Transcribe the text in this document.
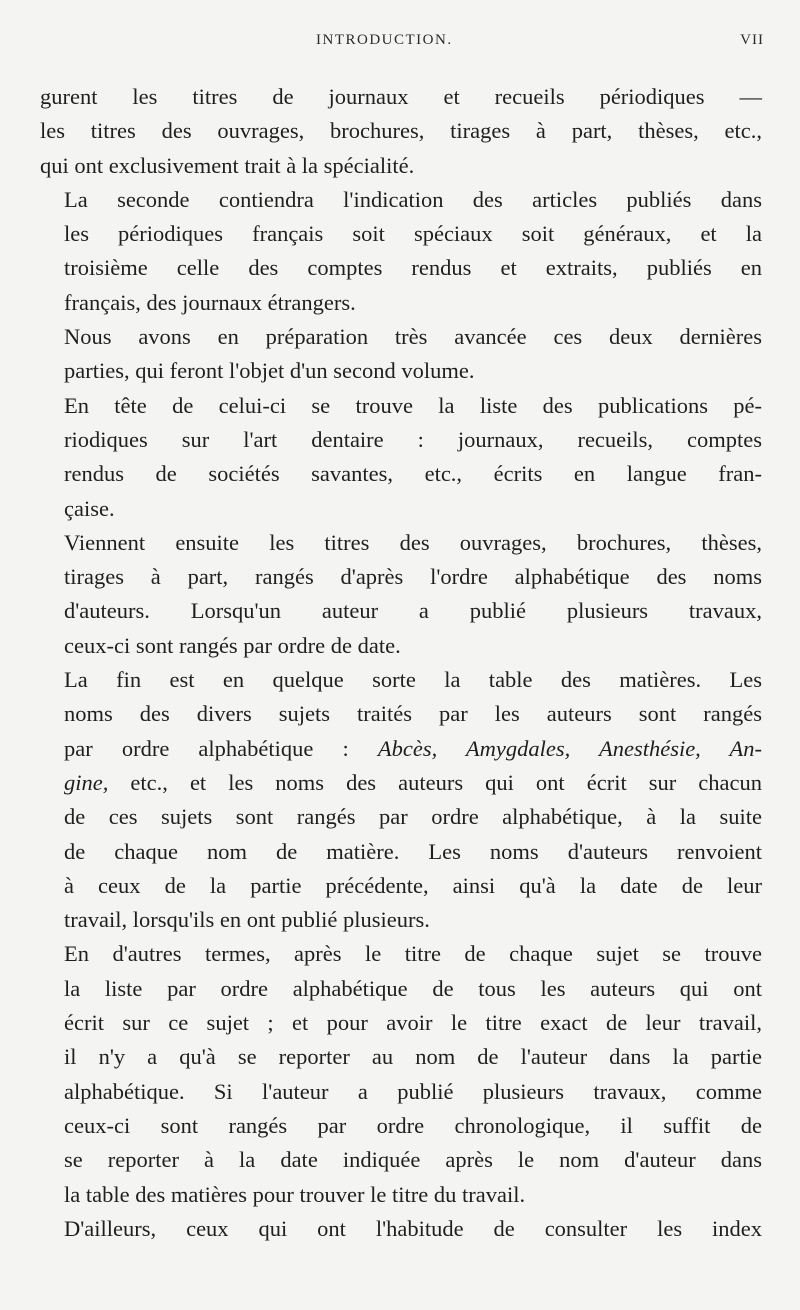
INTRODUCTION.	VII

gurent les titres de journaux et recueils périodiques —
les titres des ouvrages, brochures, tirages à part, thèses, etc.,
qui ont exclusivement trait à la spécialité.

La seconde contiendra l'indication des articles publiés dans
les périodiques français soit spéciaux soit généraux, et la
troisième celle des comptes rendus et extraits, publiés en
français, des journaux étrangers.

Nous avons en préparation très avancée ces deux dernières
parties, qui feront l'objet d'un second volume.

En tête de celui-ci se trouve la liste des publications pé-
riodiques sur l'art dentaire : journaux, recueils, comptes
rendus de sociétés savantes, etc., écrits en langue fran-
çaise.

Viennent ensuite les titres des ouvrages, brochures, thèses,
tirages à part, rangés d'après l'ordre alphabétique des noms
d'auteurs. Lorsqu'un auteur a publié plusieurs travaux,
ceux-ci sont rangés par ordre de date.

La fin est en quelque sorte la table des matières. Les
noms des divers sujets traités par les auteurs sont rangés
par ordre alphabétique : Abcès, Amygdales, Anesthésie, An-
gine, etc., et les noms des auteurs qui ont écrit sur chacun
de ces sujets sont rangés par ordre alphabétique, à la suite
de chaque nom de matière. Les noms d'auteurs renvoient
à ceux de la partie précédente, ainsi qu'à la date de leur
travail, lorsqu'ils en ont publié plusieurs.

En d'autres termes, après le titre de chaque sujet se trouve
la liste par ordre alphabétique de tous les auteurs qui ont
écrit sur ce sujet ; et pour avoir le titre exact de leur travail,
il n'y a qu'à se reporter au nom de l'auteur dans la partie
alphabétique. Si l'auteur a publié plusieurs travaux, comme
ceux-ci sont rangés par ordre chronologique, il suffit de
se reporter à la date indiquée après le nom d'auteur dans
la table des matières pour trouver le titre du travail.

D'ailleurs, ceux qui ont l'habitude de consulter les index
